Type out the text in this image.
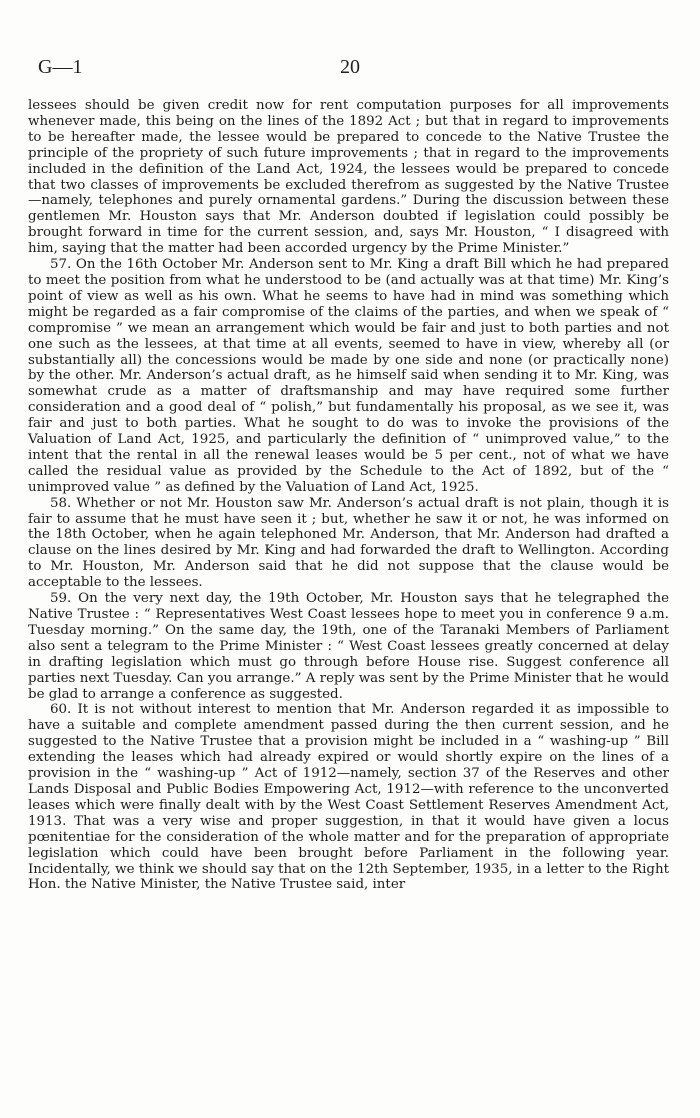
G—1	20

lessees should be given credit now for rent computation purposes for all improvements whenever made, this being on the lines of the 1892 Act ; but that in regard to improvements to be hereafter made, the lessee would be prepared to concede to the Native Trustee the principle of the propriety of such future improvements ; that in regard to the improvements included in the definition of the Land Act, 1924, the lessees would be prepared to concede that two classes of improvements be excluded therefrom as suggested by the Native Trustee—namely, telephones and purely ornamental gardens.” During the discussion between these gentlemen Mr. Houston says that Mr. Anderson doubted if legislation could possibly be brought forward in time for the current session, and, says Mr. Houston, “ I disagreed with him, saying that the matter had been accorded urgency by the Prime Minister.”

57. On the 16th October Mr. Anderson sent to Mr. King a draft Bill which he had prepared to meet the position from what he understood to be (and actually was at that time) Mr. King’s point of view as well as his own. What he seems to have had in mind was something which might be regarded as a fair compromise of the claims of the parties, and when we speak of “ compromise ” we mean an arrangement which would be fair and just to both parties and not one such as the lessees, at that time at all events, seemed to have in view, whereby all (or substantially all) the concessions would be made by one side and none (or practically none) by the other. Mr. Anderson’s actual draft, as he himself said when sending it to Mr. King, was somewhat crude as a matter of draftsmanship and may have required some further consideration and a good deal of “ polish,” but fundamentally his proposal, as we see it, was fair and just to both parties. What he sought to do was to invoke the provisions of the Valuation of Land Act, 1925, and particularly the definition of “ unimproved value,” to the intent that the rental in all the renewal leases would be 5 per cent., not of what we have called the residual value as provided by the Schedule to the Act of 1892, but of the “ unimproved value ” as defined by the Valuation of Land Act, 1925.

58. Whether or not Mr. Houston saw Mr. Anderson’s actual draft is not plain, though it is fair to assume that he must have seen it ; but, whether he saw it or not, he was informed on the 18th October, when he again telephoned Mr. Anderson, that Mr. Anderson had drafted a clause on the lines desired by Mr. King and had forwarded the draft to Wellington. According to Mr. Houston, Mr. Anderson said that he did not suppose that the clause would be acceptable to the lessees.

59. On the very next day, the 19th October, Mr. Houston says that he telegraphed the Native Trustee : “ Representatives West Coast lessees hope to meet you in conference 9 a.m. Tuesday morning.” On the same day, the 19th, one of the Taranaki Members of Parliament also sent a telegram to the Prime Minister : “ West Coast lessees greatly concerned at delay in drafting legislation which must go through before House rise. Suggest conference all parties next Tuesday. Can you arrange.” A reply was sent by the Prime Minister that he would be glad to arrange a conference as suggested.

60. It is not without interest to mention that Mr. Anderson regarded it as impossible to have a suitable and complete amendment passed during the then current session, and he suggested to the Native Trustee that a provision might be included in a “ washing-up ” Bill extending the leases which had already expired or would shortly expire on the lines of a provision in the “ washing-up ” Act of 1912—namely, section 37 of the Reserves and other Lands Disposal and Public Bodies Empowering Act, 1912—with reference to the unconverted leases which were finally dealt with by the West Coast Settlement Reserves Amendment Act, 1913. That was a very wise and proper suggestion, in that it would have given a locus pœnitentiae for the consideration of the whole matter and for the preparation of appropriate legislation which could have been brought before Parliament in the following year. Incidentally, we think we should say that on the 12th September, 1935, in a letter to the Right Hon. the Native Minister, the Native Trustee said, inter
